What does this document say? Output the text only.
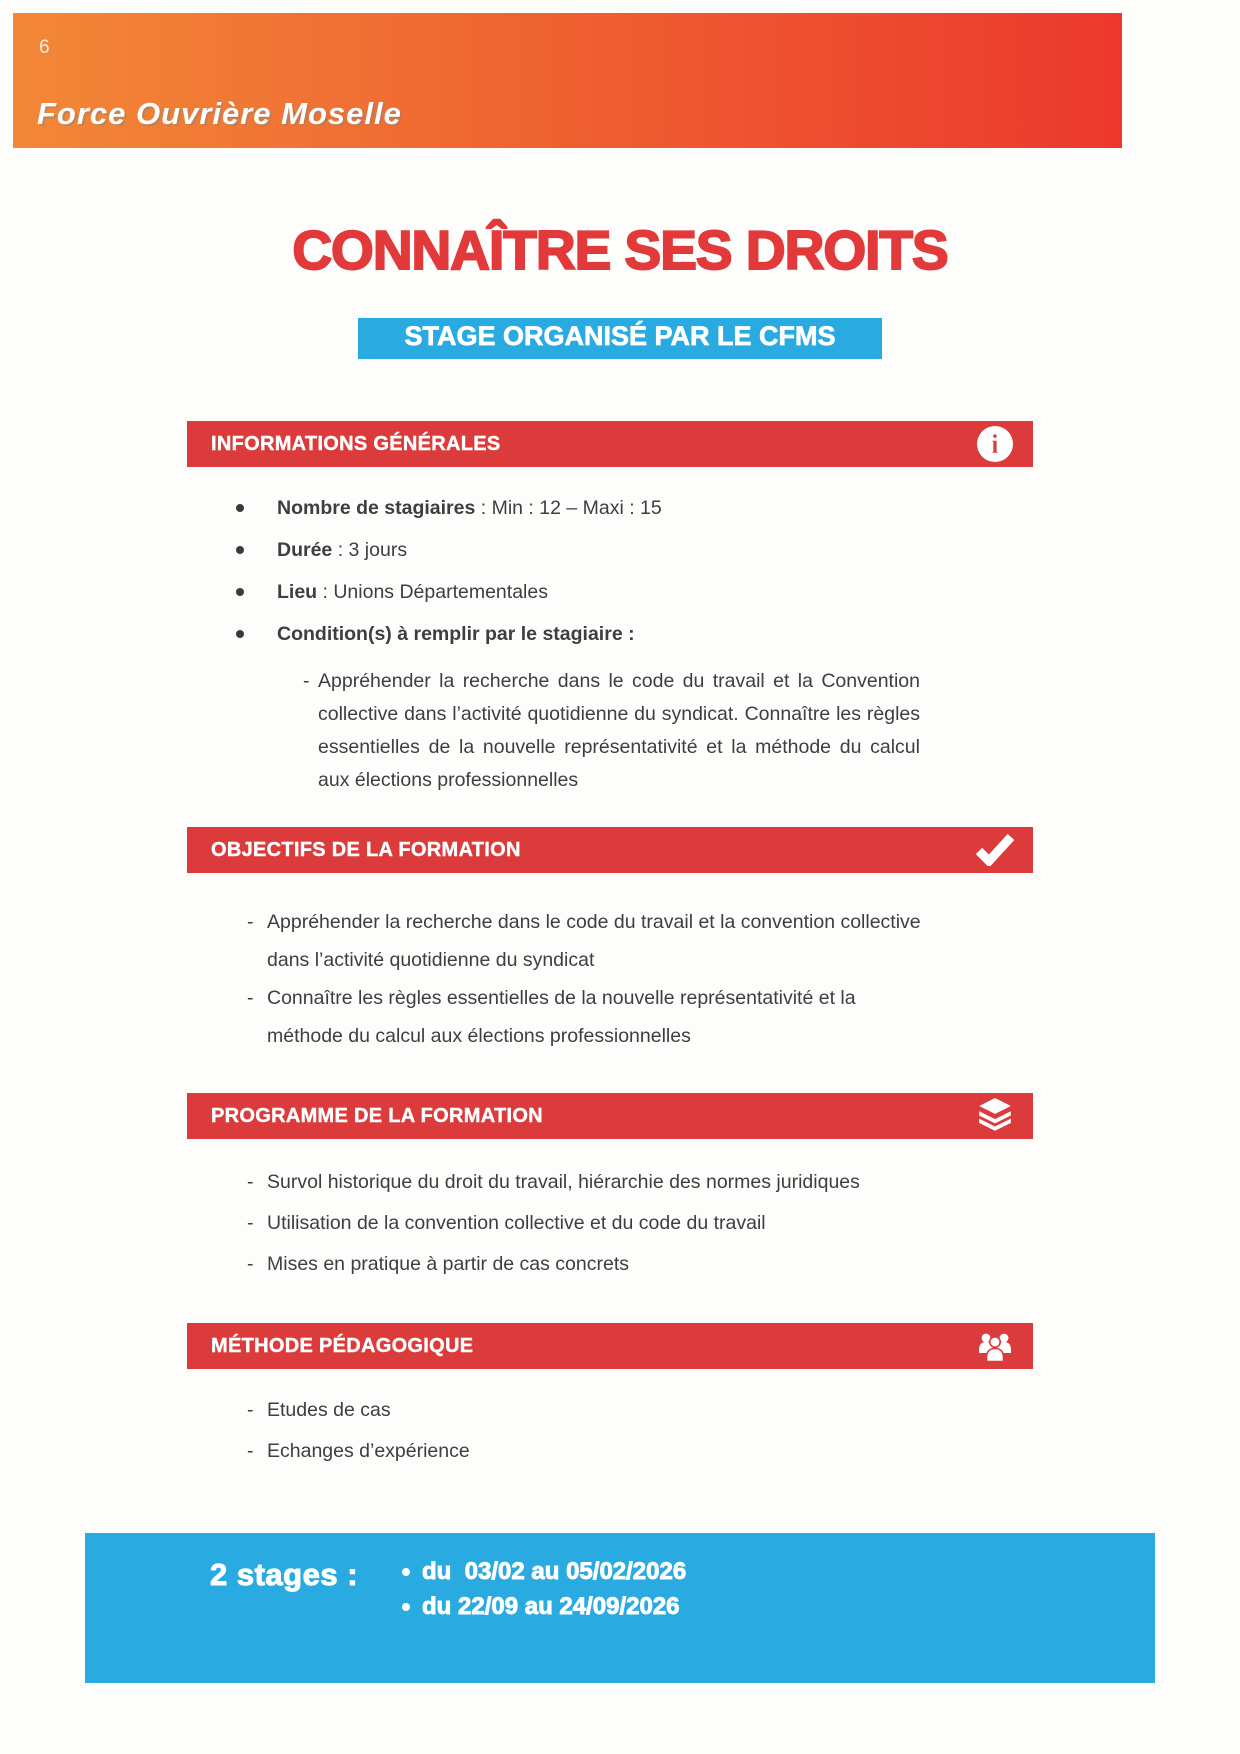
6
Force Ouvrière Moselle
CONNAÎTRE SES DROITS
STAGE ORGANISÉ PAR LE CFMS
INFORMATIONS GÉNÉRALES	i
Nombre de stagiaires : Min : 12 – Maxi : 15
Durée : 3 jours
Lieu : Unions Départementales
Condition(s) à remplir par le stagiaire :
- Appréhender la recherche dans le code du travail et la Convention collective dans l’activité quotidienne du syndicat. Connaître les règles essentielles de la nouvelle représentativité et la méthode du calcul aux élections professionnelles
OBJECTIFS DE LA FORMATION
- Appréhender la recherche dans le code du travail et la convention collective dans l’activité quotidienne du syndicat
- Connaître les règles essentielles de la nouvelle représentativité et la méthode du calcul aux élections professionnelles
PROGRAMME DE LA FORMATION
- Survol historique du droit du travail, hiérarchie des normes juridiques
- Utilisation de la convention collective et du code du travail
- Mises en pratique à partir de cas concrets
MÉTHODE PÉDAGOGIQUE
- Etudes de cas
- Echanges d’expérience
2 stages :	du  03/02 au 05/02/2026
du 22/09 au 24/09/2026
